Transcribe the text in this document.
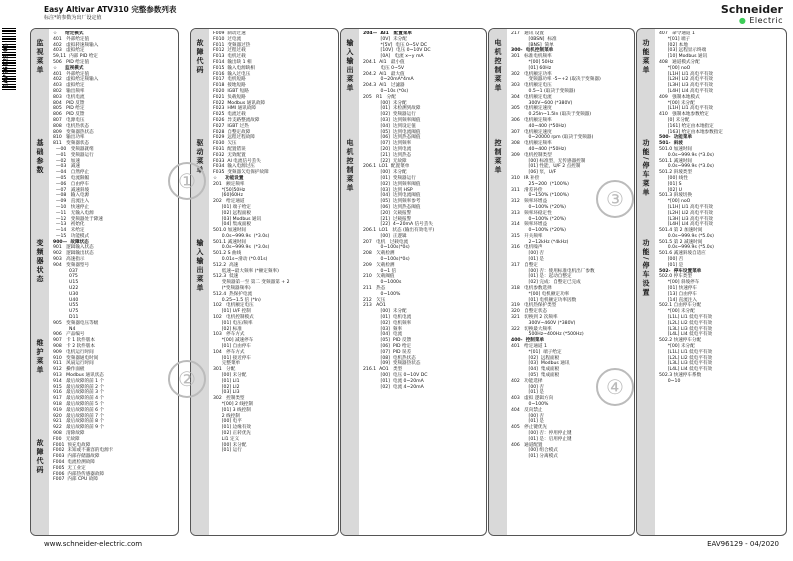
Easy Altivar ATV310 完整参数列表
标注*的参数为出厂设定值
Schneider
● Electric
EAV96129 05	监视菜单
基础参数
变频器状态
维护菜单
故障代码
☆     给定模式
401   外部给定值
402   虚拟转速频输入
403   虚拟给定
59,11  内部 PID 给定
506   PID 给定值
☆     监视模式
401   外部给定值
402   虚拟给定频输入
403   虚拟给定
802   输出频率
803   电机电流
804   PID 反馈
805   PID 给定
806   PID 反馈
807   电源电压
808   电机热状态
809   变频器热状态
810   输出功率
811   变频器状态
—00   变频器就绪
—01   变频器运行
—02   加速
—03   减速
—04   自然停止
—05   电流限幅
—06   自由停车
—07   减速斜坡
—08   输入电源
—09   直流注入
—10   快速停止
—11   无输入电源
—12   变频器处于降速
—13   初始化
—14   未给定
—15   功能模式
900—  故障状态
901   逻辑输入状态
902   逻辑输出状态
903   高速指示
904   变频器型号
037
075
U15
U22
U30
U40
U55
U75
D11
905   变频器电压等级
N4
906   产品编号
907   卡 1 软件版本
908   卡 2 软件版本
909   电机运行时间
910   变频器通电时间
911   风扇运行时间
912   操作面板
913   Modbus 通讯状态
914   最后故障的前 1 个
915   最后故障的前 2 个
916   最后故障的前 3 个
917   最后故障的前 4 个
918   最后故障的前 5 个
919   最后故障的前 6 个
920   最后故障的前 7 个
921   最后故障的前 8 个
922   最后故障的前 9 个
908   清除故障
F00   无故障
F001  预充电故障
F002  未知或不兼容的电源卡
F003  内部存储器故障
F004  电流检测故障
F005  无工业定
F006  内部热传感器故障
F007  内部 CPU 故障
故障代码
驱动菜单
输入输出菜单
F009  制动过速
F010  过电流
F011  变频器过热
F012  过程过载
F013  电机过载
F014  输出缺 1 相
F015  输入电源缺相
F016  输入过电压
F017  电机短路
F018  接地短路
F020  IGBT 短路
F021  负载短路
F022  Modbus 通讯故障
F023  HMI 通讯故障
F025  电流过载
F026  异支路整流故障
F027  IGBT 过热
F028  自整定故障
F029  远程过程故障
F030  欠压
F031  配置错误
F032  无效配置
F033  AI 电流信号丢失
F034  输入电源过压
F035  变频器欠电保护故障
☆     功能设置
201   额定频率
*[50]50Hz
[60]60Hz
202   给定通道
[01] 端子给定
[02] 远程面板
[03] Modbus 通讯
[04] 集成面板
501.0 加速时间
0.0s~999.9s  (*3.0s)
501.1 减速时间
0.0s~999.9s  (*3.0s)
501.2 S 曲线
0.01s~滑动 (*0.01s)
512.2  高速
低速~最大频率 (*额定频率)
512.3  低速
变频器第一至 第二 变频器第 + 2
(*变频器频率)
512.4  热保护电流
0.25~1.5 倍 (*In)
102   电机额定电压
[01] U/F 控制
102   电机控制模式
[01] 电压/频率
[02] 标准
103   停车方式
*[00] 减速停车
[01] 自由停车
104   停车方式
[01] 接近停车
完整菜单
301   分配
[00] 未分配
[01] LI1
[02] LI2
[03] LI3
302   控制类型
*[00] 2 线控制
[01] 3 线控制
2 线控制
[00] 电平
[01] 边缘有效
[02] 正转优先
LI1 定义
[00] 未分配
[01] 运行
输入输出菜单
电机控制菜单
204—  AI1   配置菜单
[0V]  未分配
*[5V]  电压 0~5V DC
[10V]  电压 0~10V DC
[0A]   电流 x~y mA
204.1  AI1   最小值
电压 0~5V
204.2  AI1   最大值
0~20mA*4mA
204.3  AI1   过滤器
0~10s (*0s)
205   R1   分配
[00]  未分配
[01]  未检测到故障
[02]  变频器运行
[03]  达到频率阈值
[04]  达到设定值
[05]  达到电流阈值
[06]  达到热态阈值
[07]  达到频率
[20]  达到电流
[21]  达到热态
[22]  无故障
206.1  LO1  配置菜单
[00]  未分配
[01]  变频器运行
[02]  达到频率阈值
[03]  达到 HSP
[04]  达到电流阈值
[05]  达到频率参考
[06]  达到热态阈值
[20]  欠载报警
[21]  过载报警
[22]  4~20mA 信号丢失
206.1  LO1   状态 (输出有效电平)
[00]  正逻辑
207   电机   过载电流
0~100s(*0s)
208   欠载检测
0~100s(*0s)
209   欠载检测
0~1 倍
210   欠载阈值
0~1000s
211   热态
0~100%
212   欠压
213   AO1
[00]  未分配
[01]  电机电流
[02]  电机频率
[03]  频率
[04]  电流
[05]  PID 反馈
[06]  PID 给定
[07]  PID 误差
[08]  电机热状态
[09]  变频器热状态
216.1  AO1   类型
[00]  电压 0~10V DC
[01]  电流 0~20mA
[02]  电流 4~20mA
电机控制菜单
控制菜单
217   通讯 设置
[0BSN]  标准
[BNS]  简单
300-  电机控制菜单
301   标准电机频率
*[00] 50Hz
[01] 60Hz
302   电机额定功率
变频器功率 -5~+2 (取决于变频器)
303   电机额定电压
0.5~1 (取决于变频器)
304   电机额定电流
300V~600 (*380V)
305   电机额定速度
0.25In~1.5In (取决于变频器)
306   电机额定频率
40~400 (*50Hz)
307   电机额定速度
0~20000 rpm (取决于变频器)
308   电机额定频率
40~400 (*50Hz)
309   电机控制类型
[00] 标准型，无传感器控制
[01] 性能，U/F 2 点控制
[06] 泵，U/F
310   IR 补偿
25~200  (*100%)
311   滑差补偿
0~150% (*100%)
312   频率环增益
0~100% (*20%)
313   频率环稳定性
0~100% (*20%)
314   频率环增益
0~100% (*20%)
315   开关频率
2~12kHz (*4kHz)
316   电机噪声
[00] 否
[01] 是
317   自整定
[00] 否：使用标准电机出厂参数
[01] 是：起动自整定
[02] 完成：自整定已完成
318   电机参数选择
*[00] 电机额定功率
[01] 电机额定功率因数
319   电机热保护类型
320   自整定状态
321   切换到 2 次频率
300V~460V (*380V)
322   切换最大频率
500Hz~400Hz (*500Hz)
400-  控制菜单
401   给定通道 1
*[01]  端子给定
[02]  远程面板
[03]  Modbus 通讯
[04]  集成面板
[05]  集成面板
402   功能选择
[00] 否
[01] 是
403   虚拟 逻辑方向
0~100%
404   反向禁止
[00] 否
[01] 是
405   停止键优先
[00] 否：停用停止键
[01] 是：启用停止键
406   通道配置
[00] 组合模式
[01] 分离模式
功能菜单
功能/停车菜单
功能/停车设置
407   命令通道 1
*[01] 端子
[02] 本地
[03] 远程显示终端
[10] Modbus 通讯
408   通道模式分配
*[00] noO
[L1H] LI1 高电平有效
[L2H] LI2 高电平有效
[L3H] LI3 高电平有效
[L4H] LI4 高电平有效
409   强制本地模式
*[00] 未分配
[L1H] LI1 高电平有效
410   强制本地参数给定
[0] 未分配
[161] 给定由本地指定
[163] 给定由本地参数指定
500-  功能菜单
501-  斜坡
501.0 加速时间
0.0s~999.9s (*3.0s)
501.1 减速时间
0.0s~999.9s (*3.0s)
501.2 斜坡类型
[00] 线性
[01] S
[02] U
501.3 斜坡切换
*[00] noO
[L1H] LI1 高电平有效
[L2H] LI2 高电平有效
[L3H] LI3 高电平有效
[L4H] LI4 高电平有效
501.4 第 2 加速时间
0.0s~999.9s (*5.0s)
501.5 第 2 减速时间
0.0s~999.9s (*5.0s)
501.6 减速斜坡自适应
[00] 否
[01] 是
502-  停车设置菜单
502.0 停车类型
*[00] 斜坡停车
[01] 快速停车
[13] 自由停车
[14] 直流注入
502.1 自由停车分配
*[00] 未分配
[L1L] LI1 低电平有效
[L2L] LI2 低电平有效
[L3L] LI3 低电平有效
[L4L] LI4 低电平有效
502.2 快速停车分配
*[00] 未分配
[L1L] LI1 低电平有效
[L2L] LI2 低电平有效
[L3L] LI3 低电平有效
[L4L] LI4 低电平有效
502.3 快速停车系数
0~10
①
②
③
④
www.schneider-electric.com	EAV96129 - 04/2020
